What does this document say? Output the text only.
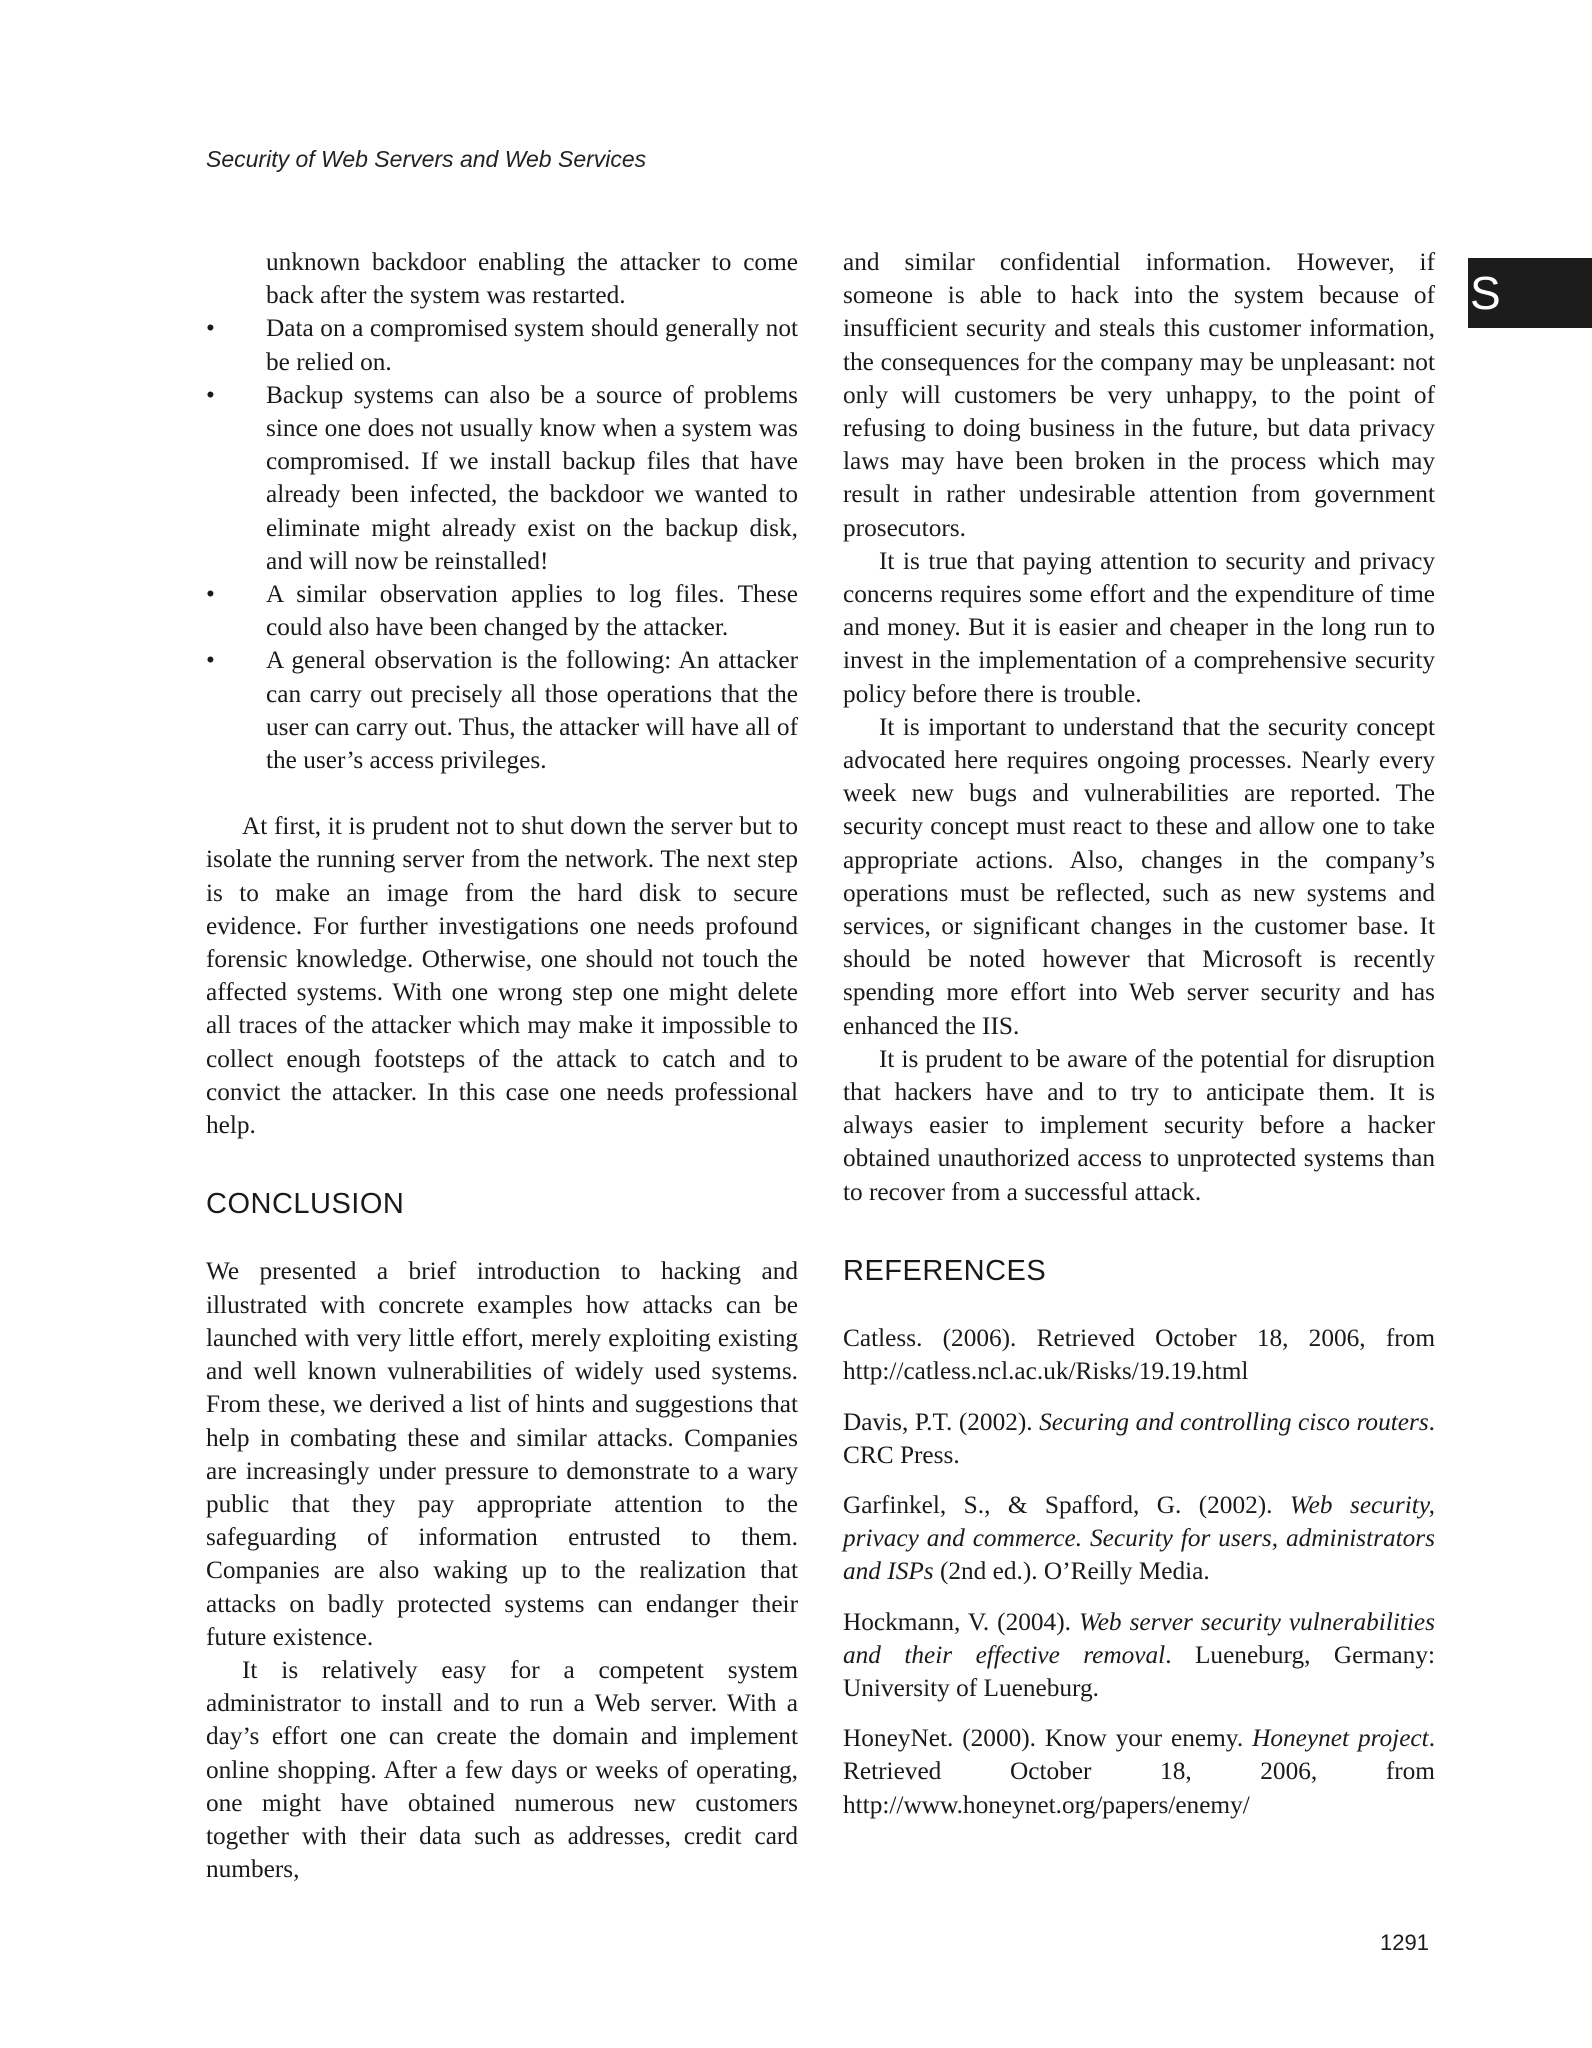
Security of Web Servers and Web Services
S

unknown backdoor enabling the attacker to come back after the system was restarted.

• Data on a compromised system should generally not be relied on.
• Backup systems can also be a source of problems since one does not usually know when a system was compromised. If we install backup files that have already been infected, the backdoor we wanted to eliminate might already exist on the backup disk, and will now be reinstalled!
• A similar observation applies to log files. These could also have been changed by the attacker.
• A general observation is the following: An attacker can carry out precisely all those operations that the user can carry out. Thus, the attacker will have all of the user’s access privileges.

At first, it is prudent not to shut down the server but to isolate the running server from the network. The next step is to make an image from the hard disk to secure evidence. For further investigations one needs profound forensic knowledge. Otherwise, one should not touch the affected systems. With one wrong step one might delete all traces of the attacker which may make it impossible to collect enough footsteps of the attack to catch and to convict the attacker. In this case one needs professional help.

CONCLUSION

We presented a brief introduction to hacking and illustrated with concrete examples how attacks can be launched with very little effort, merely exploiting existing and well known vulnerabilities of widely used systems. From these, we derived a list of hints and suggestions that help in combating these and similar attacks. Companies are increasingly under pressure to demonstrate to a wary public that they pay appropriate attention to the safeguarding of information entrusted to them. Companies are also waking up to the realization that attacks on badly protected systems can endanger their future existence.

It is relatively easy for a competent system administrator to install and to run a Web server. With a day’s effort one can create the domain and implement online shopping. After a few days or weeks of operating, one might have obtained numerous new customers together with their data such as addresses, credit card numbers,

and similar confidential information. However, if someone is able to hack into the system because of insufficient security and steals this customer information, the consequences for the company may be unpleasant: not only will customers be very unhappy, to the point of refusing to doing business in the future, but data privacy laws may have been broken in the process which may result in rather undesirable attention from government prosecutors.

It is true that paying attention to security and privacy concerns requires some effort and the expenditure of time and money. But it is easier and cheaper in the long run to invest in the implementation of a comprehensive security policy before there is trouble.

It is important to understand that the security concept advocated here requires ongoing processes. Nearly every week new bugs and vulnerabilities are reported. The security concept must react to these and allow one to take appropriate actions. Also, changes in the company’s operations must be reflected, such as new systems and services, or significant changes in the customer base. It should be noted however that Microsoft is recently spending more effort into Web server security and has enhanced the IIS.

It is prudent to be aware of the potential for disruption that hackers have and to try to anticipate them. It is always easier to implement security before a hacker obtained unauthorized access to unprotected systems than to recover from a successful attack.

REFERENCES

Catless. (2006). Retrieved October 18, 2006, from http://catless.ncl.ac.uk/Risks/19.19.html

Davis, P.T. (2002). Securing and controlling cisco routers. CRC Press.

Garfinkel, S., & Spafford, G. (2002). Web security, privacy and commerce. Security for users, administrators and ISPs (2nd ed.). O’Reilly Media.

Hockmann, V. (2004). Web server security vulnerabilities and their effective removal. Lueneburg, Germany: University of Lueneburg.

HoneyNet. (2000). Know your enemy. Honeynet project. Retrieved October 18, 2006, from http://www.honeynet.org/papers/enemy/

1291
